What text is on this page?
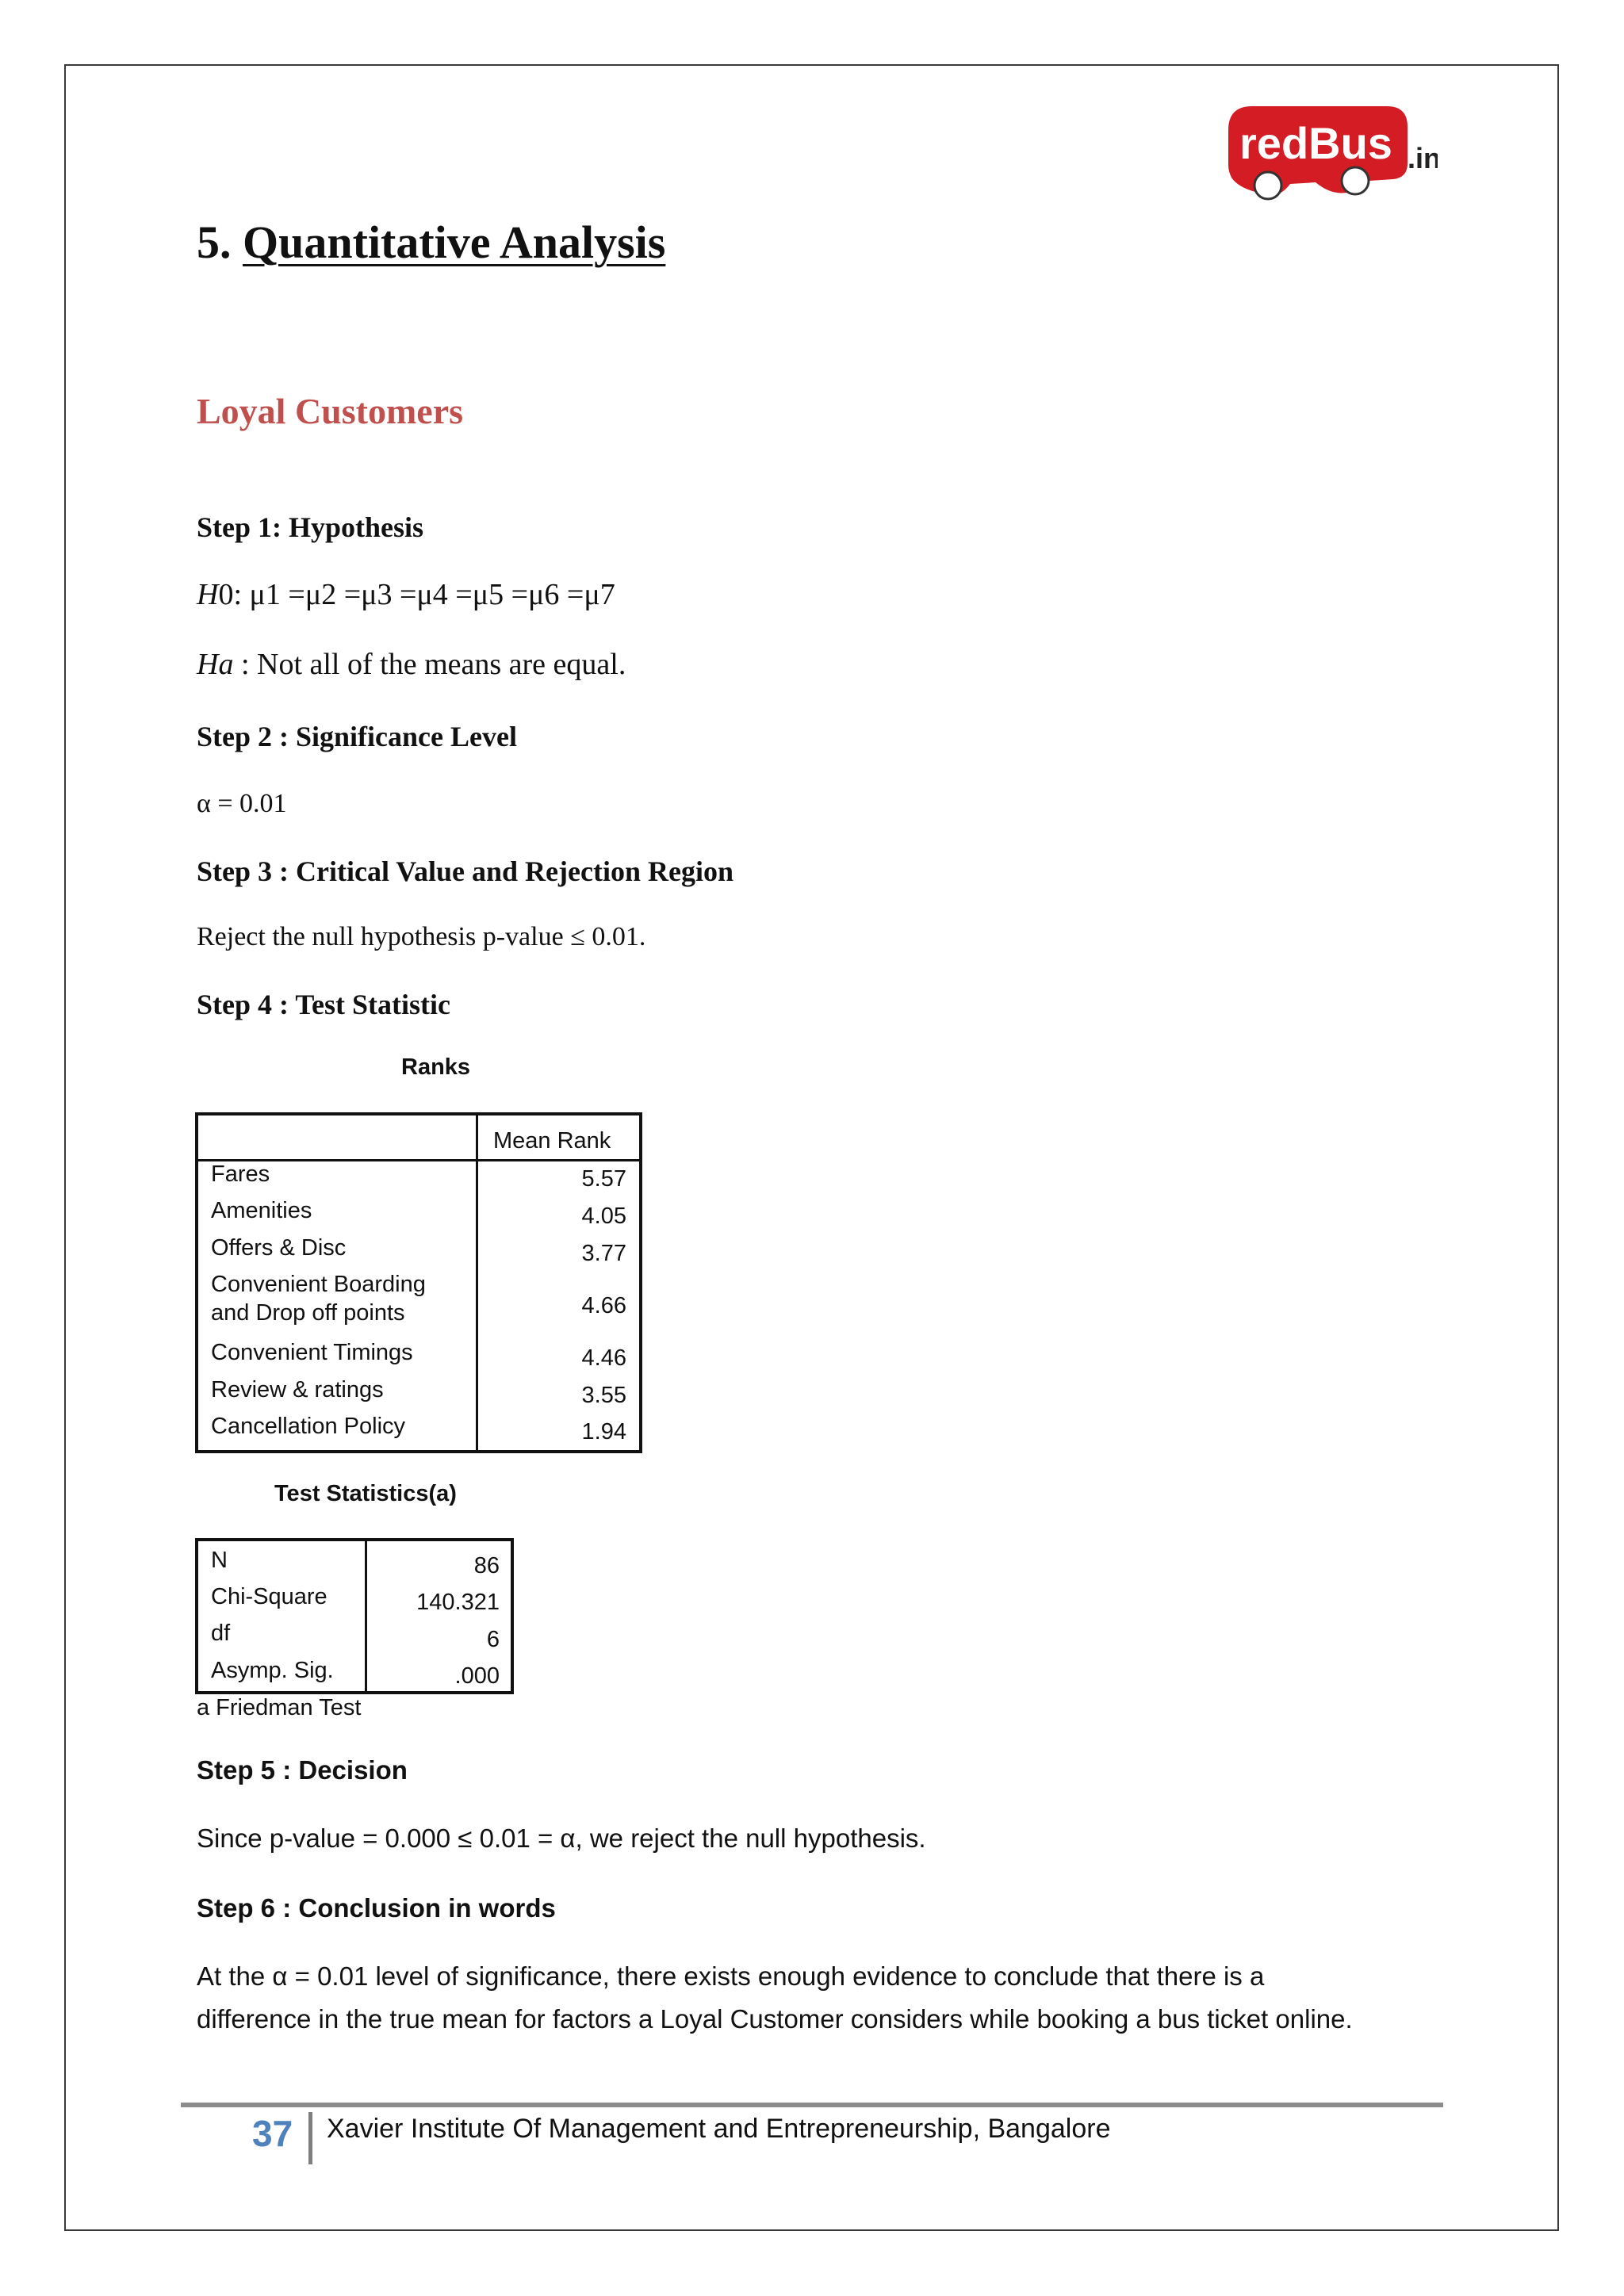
redBus .in
5. Quantitative Analysis
Loyal Customers
Step 1: Hypothesis
H0: μ1 =μ2 =μ3 =μ4 =μ5 =μ6 =μ7
Ha : Not all of the means are equal.
Step 2 : Significance Level
α = 0.01
Step 3 : Critical Value and Rejection Region
Reject the null hypothesis p-value ≤ 0.01.
Step 4 : Test Statistic
Ranks
Mean Rank
Fares	5.57
Amenities	4.05
Offers & Disc	3.77
Convenient Boarding
and Drop off points	4.66
Convenient Timings	4.46
Review & ratings	3.55
Cancellation Policy	1.94
Test Statistics(a)
N	86
Chi-Square	140.321
df	6
Asymp. Sig.	.000
a Friedman Test
Step 5 : Decision
Since p-value = 0.000 ≤ 0.01 = α, we reject the null hypothesis.
Step 6 : Conclusion in words
At the α = 0.01 level of significance, there exists enough evidence to conclude that there is a
difference in the true mean for factors a Loyal Customer considers while booking a bus ticket online.
37 Xavier Institute Of Management and Entrepreneurship, Bangalore
